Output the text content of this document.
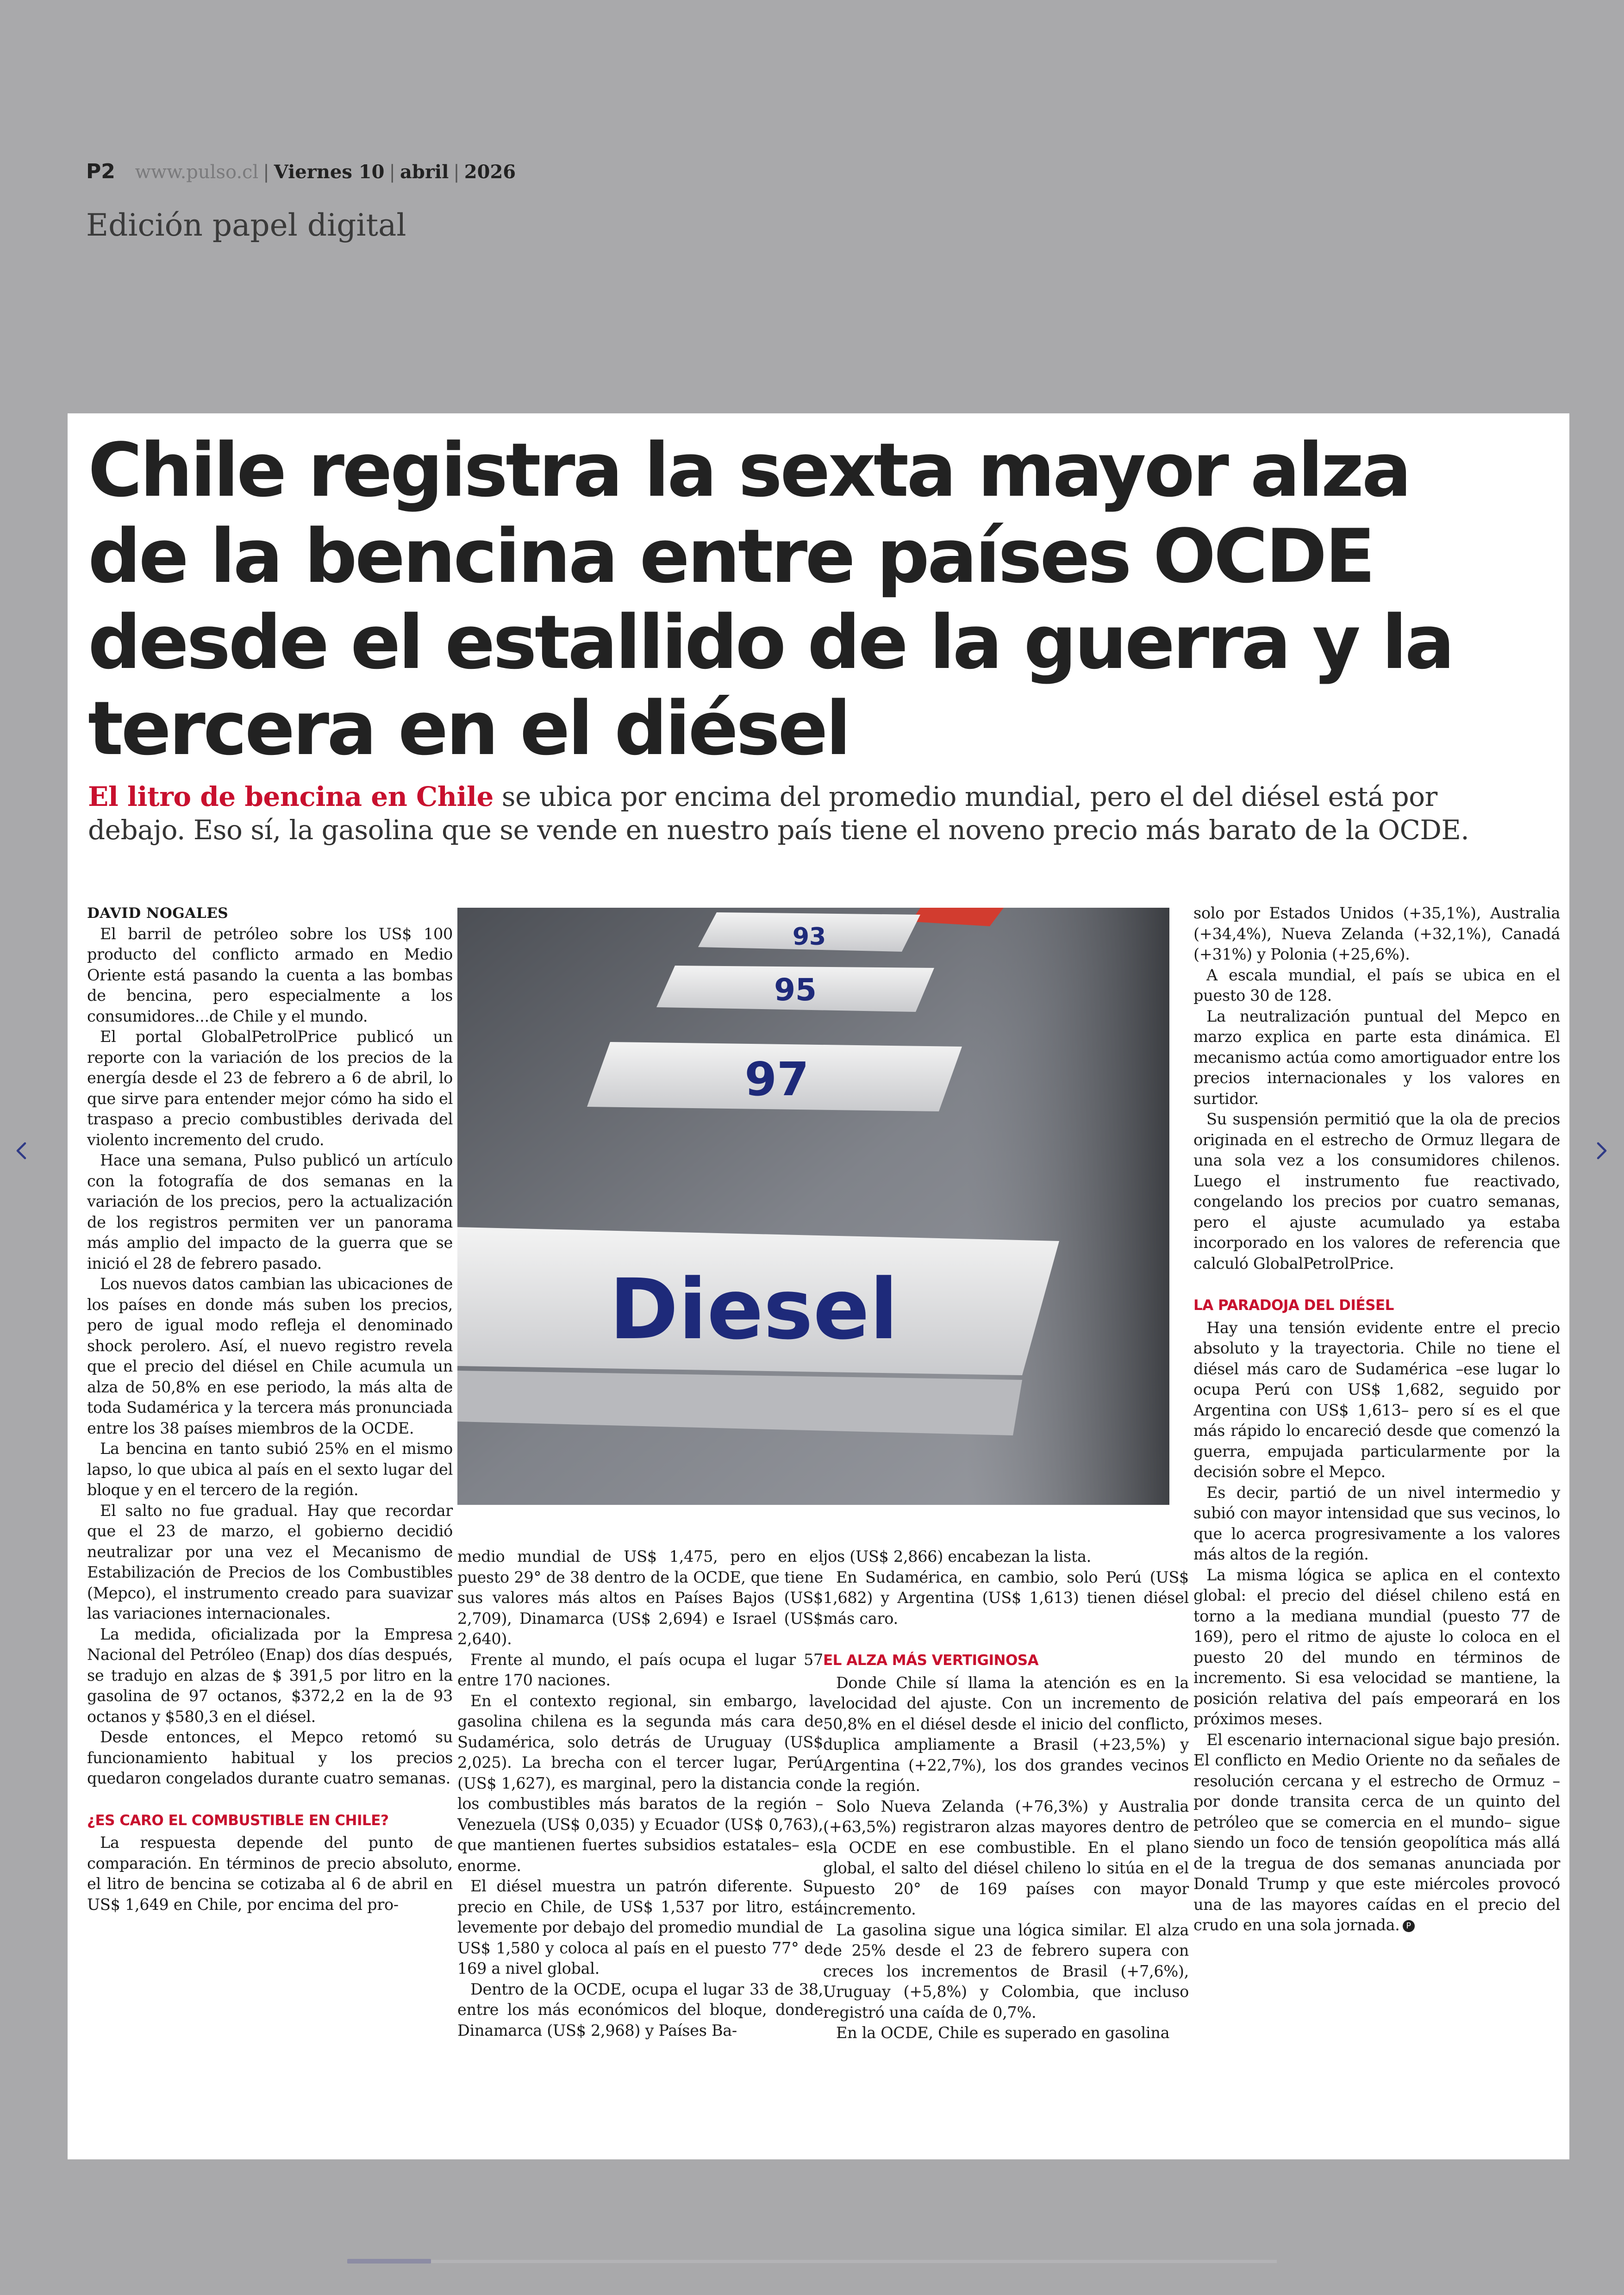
P2 www.pulso.cl | Viernes 10 | abril | 2026
Edición papel digital
Chile registra la sexta mayor alza de la bencina entre países OCDE desde el estallido de la guerra y la tercera en el diésel

El litro de bencina en Chile se ubica por encima del promedio mundial, pero el del diésel está por debajo. Eso sí, la gasolina que se vende en nuestro país tiene el noveno precio más barato de la OCDE.

DAVID NOGALES

El barril de petróleo sobre los US$ 100 producto del conflicto armado en Medio Oriente está pasando la cuenta a las bombas de bencina, pero especialmente a los consumidores...de Chile y el mundo.

El portal GlobalPetrolPrice publicó un reporte con la variación de los precios de la energía desde el 23 de febrero a 6 de abril, lo que sirve para entender mejor cómo ha sido el traspaso a precio combustibles derivada del violento incremento del crudo.

Hace una semana, Pulso publicó un artículo con la fotografía de dos semanas en la variación de los precios, pero la actualización de los registros permiten ver un panorama más amplio del impacto de la guerra que se inició el 28 de febrero pasado.

Los nuevos datos cambian las ubicaciones de los países en donde más suben los precios, pero de igual modo refleja el denominado shock perolero. Así, el nuevo registro revela que el precio del diésel en Chile acumula un alza de 50,8% en ese periodo, la más alta de toda Sudamérica y la tercera más pronunciada entre los 38 países miembros de la OCDE.

La bencina en tanto subió 25% en el mismo lapso, lo que ubica al país en el sexto lugar del bloque y en el tercero de la región.

El salto no fue gradual. Hay que recordar que el 23 de marzo, el gobierno decidió neutralizar por una vez el Mecanismo de Estabilización de Precios de los Combustibles (Mepco), el instrumento creado para suavizar las variaciones internacionales.

La medida, oficializada por la Empresa Nacional del Petróleo (Enap) dos días después, se tradujo en alzas de $ 391,5 por litro en la gasolina de 97 octanos, $372,2 en la de 93 octanos y $580,3 en el diésel.

Desde entonces, el Mepco retomó su funcionamiento habitual y los precios quedaron congelados durante cuatro semanas.

¿ES CARO EL COMBUSTIBLE EN CHILE?

La respuesta depende del punto de comparación. En términos de precio absoluto, el litro de bencina se cotizaba al 6 de abril en US$ 1,649 en Chile, por encima del pro-

93
95
97
Diesel

medio mundial de US$ 1,475, pero en el puesto 29° de 38 dentro de la OCDE, que tiene sus valores más altos en Países Bajos (US$ 2,709), Dinamarca (US$ 2,694) e Israel (US$ 2,640).

Frente al mundo, el país ocupa el lugar 57 entre 170 naciones.

En el contexto regional, sin embargo, la gasolina chilena es la segunda más cara de Sudamérica, solo detrás de Uruguay (US$ 2,025). La brecha con el tercer lugar, Perú (US$ 1,627), es marginal, pero la distancia con los combustibles más baratos de la región –Venezuela (US$ 0,035) y Ecuador (US$ 0,763), que mantienen fuertes subsidios estatales– es enorme.

El diésel muestra un patrón diferente. Su precio en Chile, de US$ 1,537 por litro, está levemente por debajo del promedio mundial de US$ 1,580 y coloca al país en el puesto 77° de 169 a nivel global.

Dentro de la OCDE, ocupa el lugar 33 de 38, entre los más económicos del bloque, donde Dinamarca (US$ 2,968) y Países Ba-

jos (US$ 2,866) encabezan la lista.

En Sudamérica, en cambio, solo Perú (US$ 1,682) y Argentina (US$ 1,613) tienen diésel más caro.

EL ALZA MÁS VERTIGINOSA

Donde Chile sí llama la atención es en la velocidad del ajuste. Con un incremento de 50,8% en el diésel desde el inicio del conflicto, duplica ampliamente a Brasil (+23,5%) y Argentina (+22,7%), los dos grandes vecinos de la región.

Solo Nueva Zelanda (+76,3%) y Australia (+63,5%) registraron alzas mayores dentro de la OCDE en ese combustible. En el plano global, el salto del diésel chileno lo sitúa en el puesto 20° de 169 países con mayor incremento.

La gasolina sigue una lógica similar. El alza de 25% desde el 23 de febrero supera con creces los incrementos de Brasil (+7,6%), Uruguay (+5,8%) y Colombia, que incluso registró una caída de 0,7%.

En la OCDE, Chile es superado en gasolina

solo por Estados Unidos (+35,1%), Australia (+34,4%), Nueva Zelanda (+32,1%), Canadá (+31%) y Polonia (+25,6%).

A escala mundial, el país se ubica en el puesto 30 de 128.

La neutralización puntual del Mepco en marzo explica en parte esta dinámica. El mecanismo actúa como amortiguador entre los precios internacionales y los valores en surtidor.

Su suspensión permitió que la ola de precios originada en el estrecho de Ormuz llegara de una sola vez a los consumidores chilenos. Luego el instrumento fue reactivado, congelando los precios por cuatro semanas, pero el ajuste acumulado ya estaba incorporado en los valores de referencia que calculó GlobalPetrolPrice.

LA PARADOJA DEL DIÉSEL

Hay una tensión evidente entre el precio absoluto y la trayectoria. Chile no tiene el diésel más caro de Sudamérica –ese lugar lo ocupa Perú con US$ 1,682, seguido por Argentina con US$ 1,613– pero sí es el que más rápido lo encareció desde que comenzó la guerra, empujada particularmente por la decisión sobre el Mepco.

Es decir, partió de un nivel intermedio y subió con mayor intensidad que sus vecinos, lo que lo acerca progresivamente a los valores más altos de la región.

La misma lógica se aplica en el contexto global: el precio del diésel chileno está en torno a la mediana mundial (puesto 77 de 169), pero el ritmo de ajuste lo coloca en el puesto 20 del mundo en términos de incremento. Si esa velocidad se mantiene, la posición relativa del país empeorará en los próximos meses.

El escenario internacional sigue bajo presión. El conflicto en Medio Oriente no da señales de resolución cercana y el estrecho de Ormuz –por donde transita cerca de un quinto del petróleo que se comercia en el mundo– sigue siendo un foco de tensión geopolítica más allá de la tregua de dos semanas anunciada por Donald Trump y que este miércoles provocó una de las mayores caídas en el precio del crudo en una sola jornada. P
